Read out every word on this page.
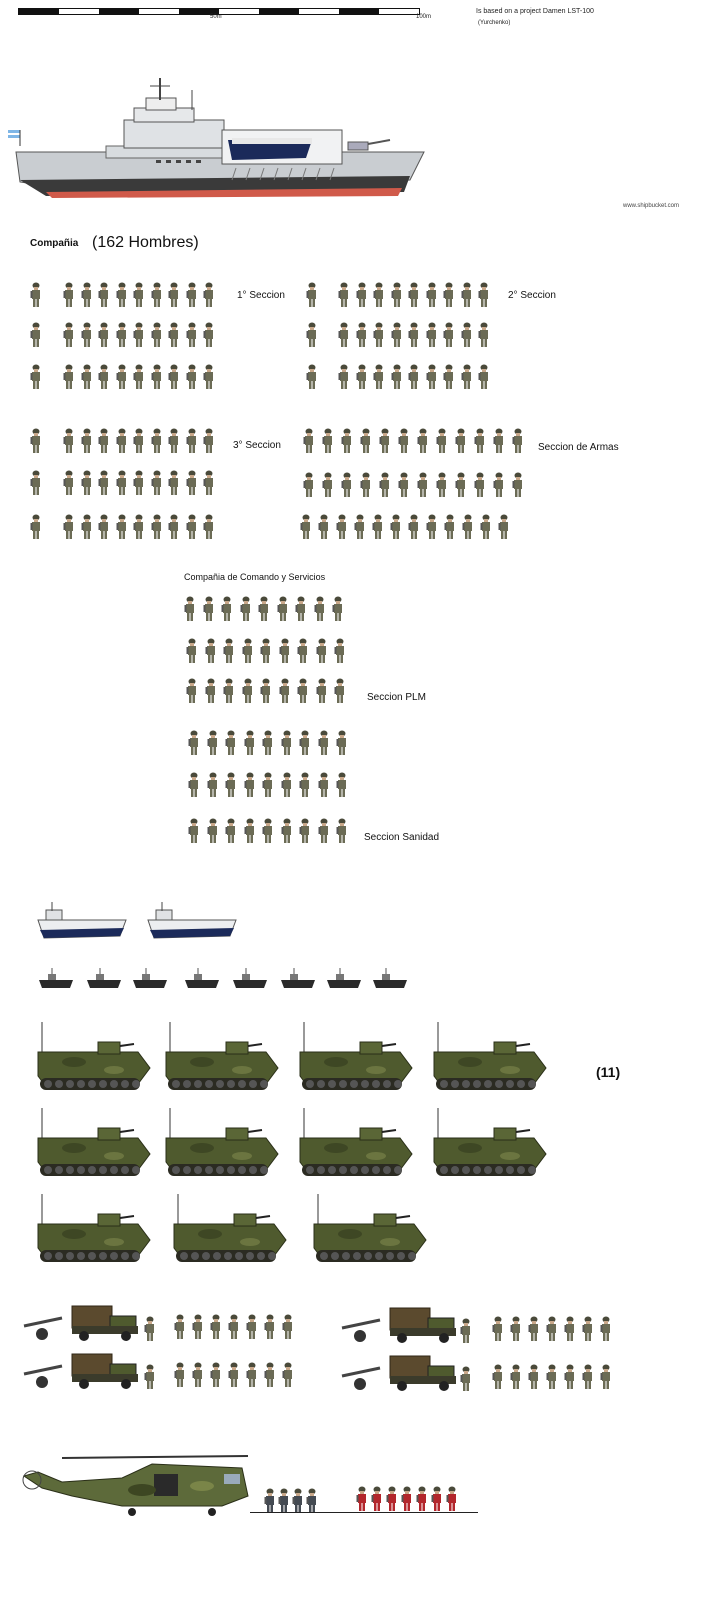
50m	100m
Is based on a project Damen LST-100
(Yurchenko)
www.shipbucket.com
Compañia (162 Hombres)
1° Seccion	2° Seccion
3° Seccion	Seccion de Armas
Compañia de Comando y Servicios
Seccion PLM
Seccion Sanidad
(11)
